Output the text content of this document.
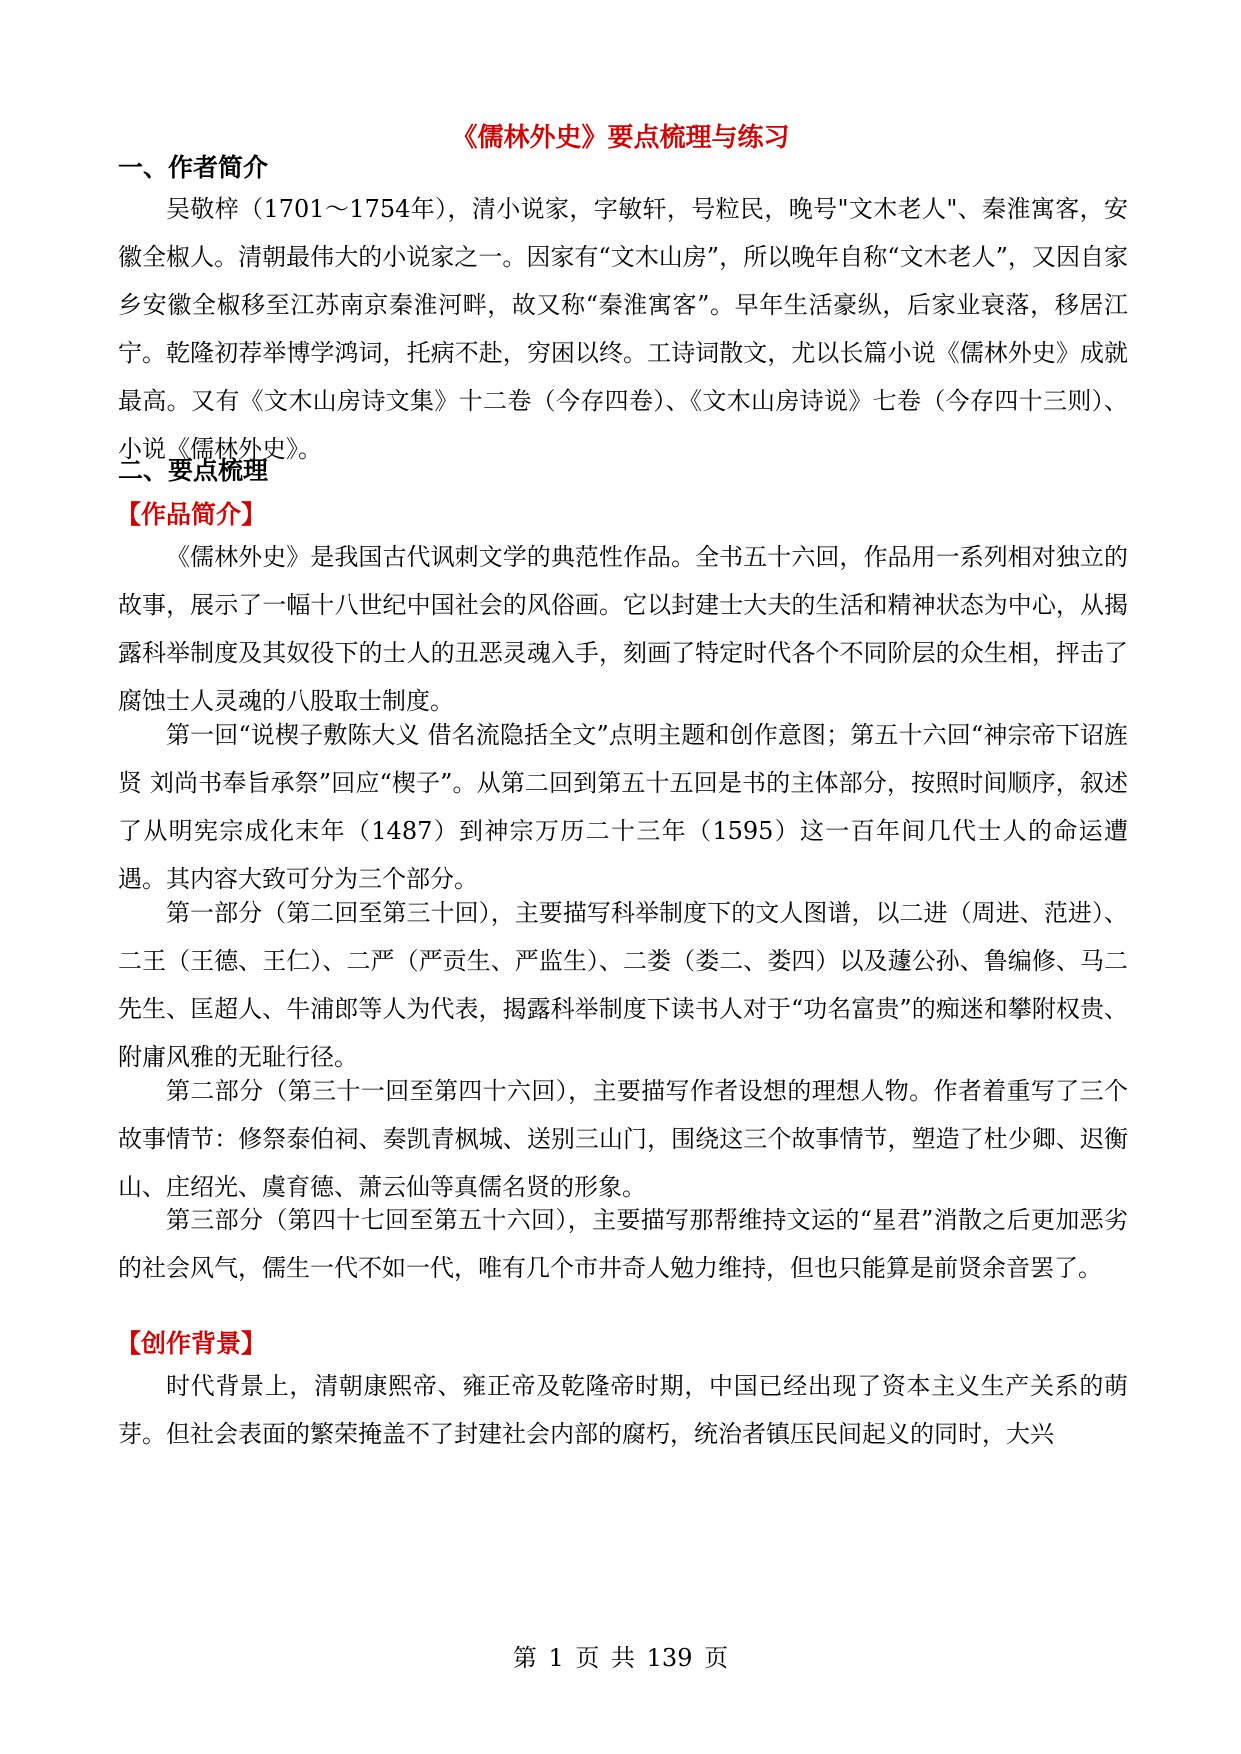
《儒林外史》要点梳理与练习
一、作者简介

吴敬梓（1701～1754年），清小说家，字敏轩，号粒民，晚号"文木老人"、秦淮寓客，安徽全椒人。清朝最伟大的小说家之一。因家有“文木山房”，所以晚年自称“文木老人”，又因自家乡安徽全椒移至江苏南京秦淮河畔，故又称“秦淮寓客”。早年生活豪纵，后家业衰落，移居江宁。乾隆初荐举博学鸿词，托病不赴，穷困以终。工诗词散文，尤以长篇小说《儒林外史》成就最高。又有《文木山房诗文集》十二卷（今存四卷）、《文木山房诗说》七卷（今存四十三则）、小说《儒林外史》。

二、要点梳理
【作品简介】

《儒林外史》是我国古代讽刺文学的典范性作品。全书五十六回，作品用一系列相对独立的故事，展示了一幅十八世纪中国社会的风俗画。它以封建士大夫的生活和精神状态为中心，从揭露科举制度及其奴役下的士人的丑恶灵魂入手，刻画了特定时代各个不同阶层的众生相，抨击了腐蚀士人灵魂的八股取士制度。

第一回“说楔子敷陈大义 借名流隐括全文”点明主题和创作意图；第五十六回“神宗帝下诏旌贤 刘尚书奉旨承祭”回应“楔子”。从第二回到第五十五回是书的主体部分，按照时间顺序，叙述了从明宪宗成化末年（1487）到神宗万历二十三年（1595）这一百年间几代士人的命运遭遇。其内容大致可分为三个部分。

第一部分（第二回至第三十回），主要描写科举制度下的文人图谱，以二进（周进、范进）、二王（王德、王仁）、二严（严贡生、严监生）、二娄（娄二、娄四）以及蘧公孙、鲁编修、马二先生、匡超人、牛浦郎等人为代表，揭露科举制度下读书人对于“功名富贵”的痴迷和攀附权贵、附庸风雅的无耻行径。

第二部分（第三十一回至第四十六回），主要描写作者设想的理想人物。作者着重写了三个故事情节：修祭泰伯祠、奏凯青枫城、送别三山门，围绕这三个故事情节，塑造了杜少卿、迟衡山、庄绍光、虞育德、萧云仙等真儒名贤的形象。

第三部分（第四十七回至第五十六回），主要描写那帮维持文运的“星君”消散之后更加恶劣的社会风气，儒生一代不如一代，唯有几个市井奇人勉力维持，但也只能算是前贤余音罢了。

【创作背景】

时代背景上，清朝康熙帝、雍正帝及乾隆帝时期，中国已经出现了资本主义生产关系的萌芽。但社会表面的繁荣掩盖不了封建社会内部的腐朽，统治者镇压民间起义的同时，大兴

第 1 页 共 139 页
